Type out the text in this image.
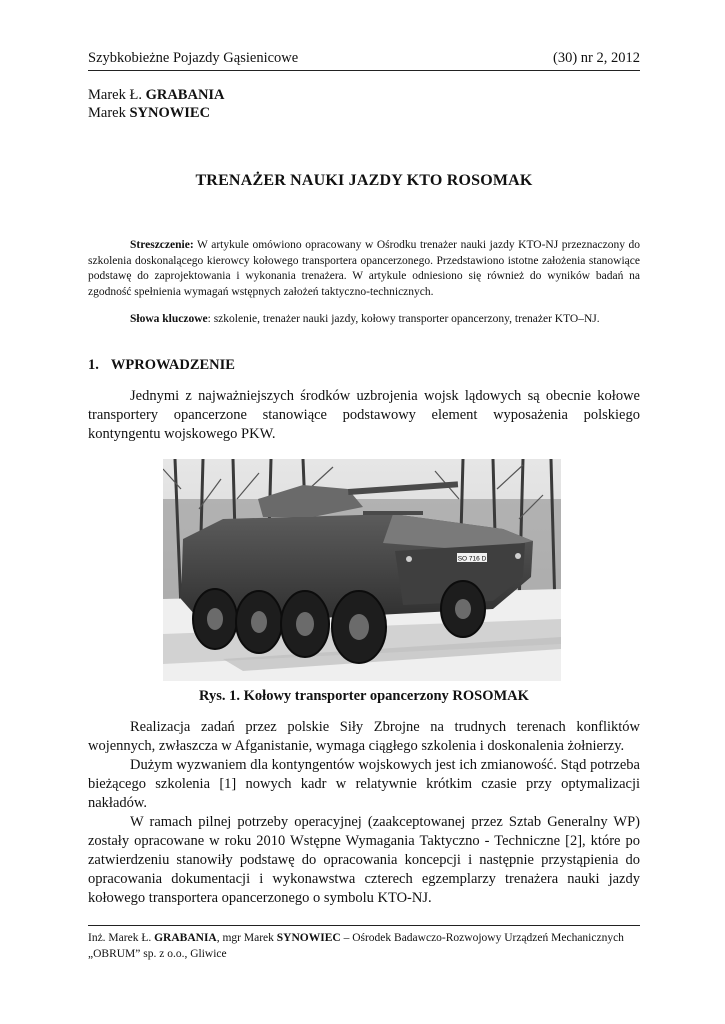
Szybkobieżne Pojazdy Gąsienicowe	(30) nr 2, 2012
Marek Ł. GRABANIA
Marek SYNOWIEC
TRENAŻER NAUKI JAZDY KTO ROSOMAK

Streszczenie: W artykule omówiono opracowany w Ośrodku trenażer nauki jazdy KTO-NJ przeznaczony do szkolenia doskonalącego kierowcy kołowego transportera opancerzonego. Przedstawiono istotne założenia stanowiące podstawę do zaprojektowania i wykonania trenażera. W artykule odniesiono się również do wyników badań na zgodność spełnienia wymagań wstępnych założeń taktyczno-technicznych.

Słowa kluczowe: szkolenie, trenażer nauki jazdy, kołowy transporter opancerzony, trenażer KTO–NJ.

1. WPROWADZENIE

Jednymi z najważniejszych środków uzbrojenia wojsk lądowych są obecnie kołowe transportery opancerzone stanowiące podstawowy element wyposażenia polskiego kontyngentu wojskowego PKW.

SO 716 D
Rys. 1. Kołowy transporter opancerzony ROSOMAK

Realizacja zadań przez polskie Siły Zbrojne na trudnych terenach konfliktów wojennych, zwłaszcza w Afganistanie, wymaga ciągłego szkolenia i doskonalenia żołnierzy.

Dużym wyzwaniem dla kontyngentów wojskowych jest ich zmianowość. Stąd potrzeba bieżącego szkolenia [1] nowych kadr w relatywnie krótkim czasie przy optymalizacji nakładów.

W ramach pilnej potrzeby operacyjnej (zaakceptowanej przez Sztab Generalny WP) zostały opracowane w roku 2010 Wstępne Wymagania Taktyczno - Techniczne [2], które po zatwierdzeniu stanowiły podstawę do opracowania koncepcji i następnie przystąpienia do opracowania dokumentacji i wykonawstwa czterech egzemplarzy trenażera nauki jazdy kołowego transportera opancerzonego o symbolu KTO-NJ.

Inż. Marek Ł. GRABANIA, mgr Marek SYNOWIEC – Ośrodek Badawczo-Rozwojowy Urządzeń Mechanicznych „OBRUM” sp. z o.o., Gliwice
